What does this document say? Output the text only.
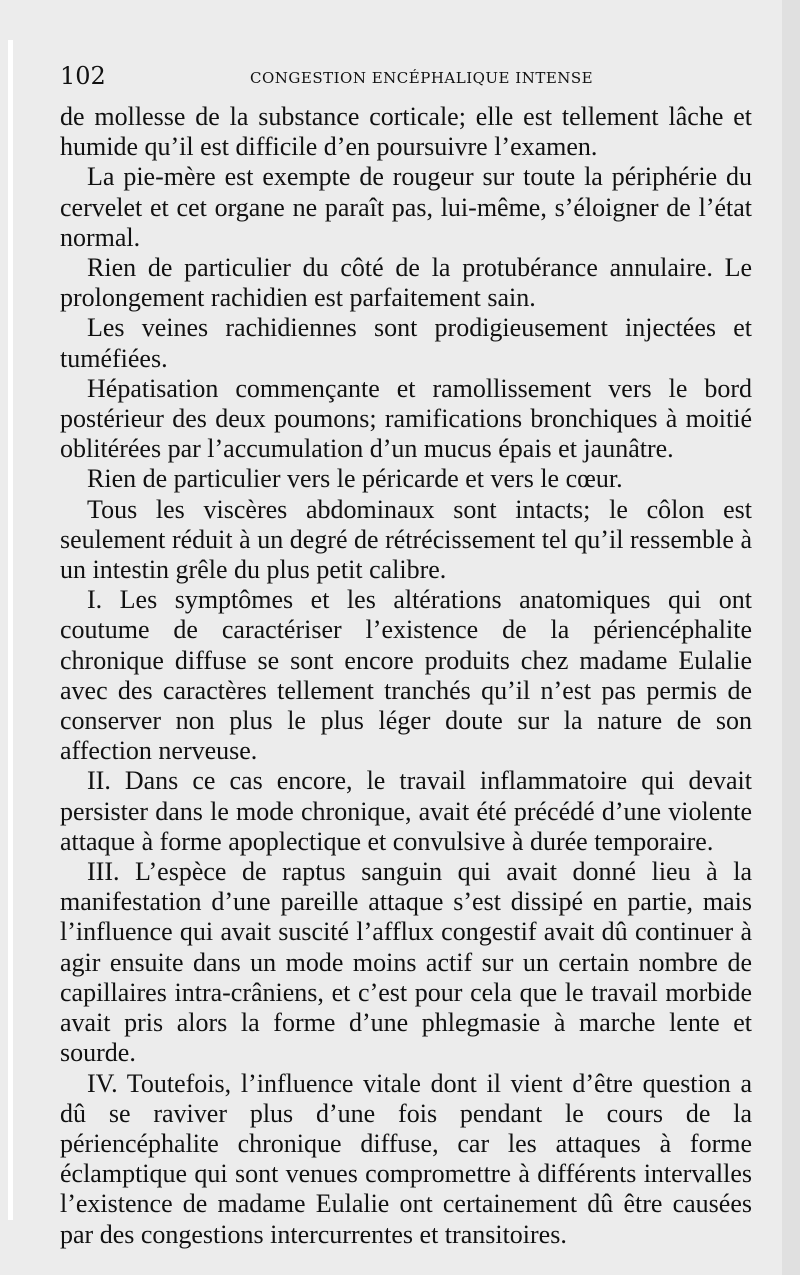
102	CONGESTION ENCÉPHALIQUE INTENSE

de mollesse de la substance corticale; elle est tellement lâche et humide qu’il est difficile d’en poursuivre l’examen.

La pie-mère est exempte de rougeur sur toute la périphérie du cervelet et cet organe ne paraît pas, lui-même, s’éloigner de l’état normal.

Rien de particulier du côté de la protubérance annulaire. Le prolongement rachidien est parfaitement sain.

Les veines rachidiennes sont prodigieusement injectées et tuméfiées.

Hépatisation commençante et ramollissement vers le bord postérieur des deux poumons; ramifications bronchiques à moitié oblitérées par l’accumulation d’un mucus épais et jaunâtre.

Rien de particulier vers le péricarde et vers le cœur.

Tous les viscères abdominaux sont intacts; le côlon est seulement réduit à un degré de rétrécissement tel qu’il ressemble à un intestin grêle du plus petit calibre.

I. Les symptômes et les altérations anatomiques qui ont coutume de caractériser l’existence de la périencéphalite chronique diffuse se sont encore produits chez madame Eulalie avec des caractères tellement tranchés qu’il n’est pas permis de conserver non plus le plus léger doute sur la nature de son affection nerveuse.

II. Dans ce cas encore, le travail inflammatoire qui devait persister dans le mode chronique, avait été précédé d’une violente attaque à forme apoplectique et convulsive à durée temporaire.

III. L’espèce de raptus sanguin qui avait donné lieu à la manifestation d’une pareille attaque s’est dissipé en partie, mais l’influence qui avait suscité l’afflux congestif avait dû continuer à agir ensuite dans un mode moins actif sur un certain nombre de capillaires intra-crâniens, et c’est pour cela que le travail morbide avait pris alors la forme d’une phlegmasie à marche lente et sourde.

IV. Toutefois, l’influence vitale dont il vient d’être question a dû se raviver plus d’une fois pendant le cours de la périencéphalite chronique diffuse, car les attaques à forme éclamptique qui sont venues compromettre à différents intervalles l’existence de madame Eulalie ont certainement dû être causées par des congestions intercurrentes et transitoires.
